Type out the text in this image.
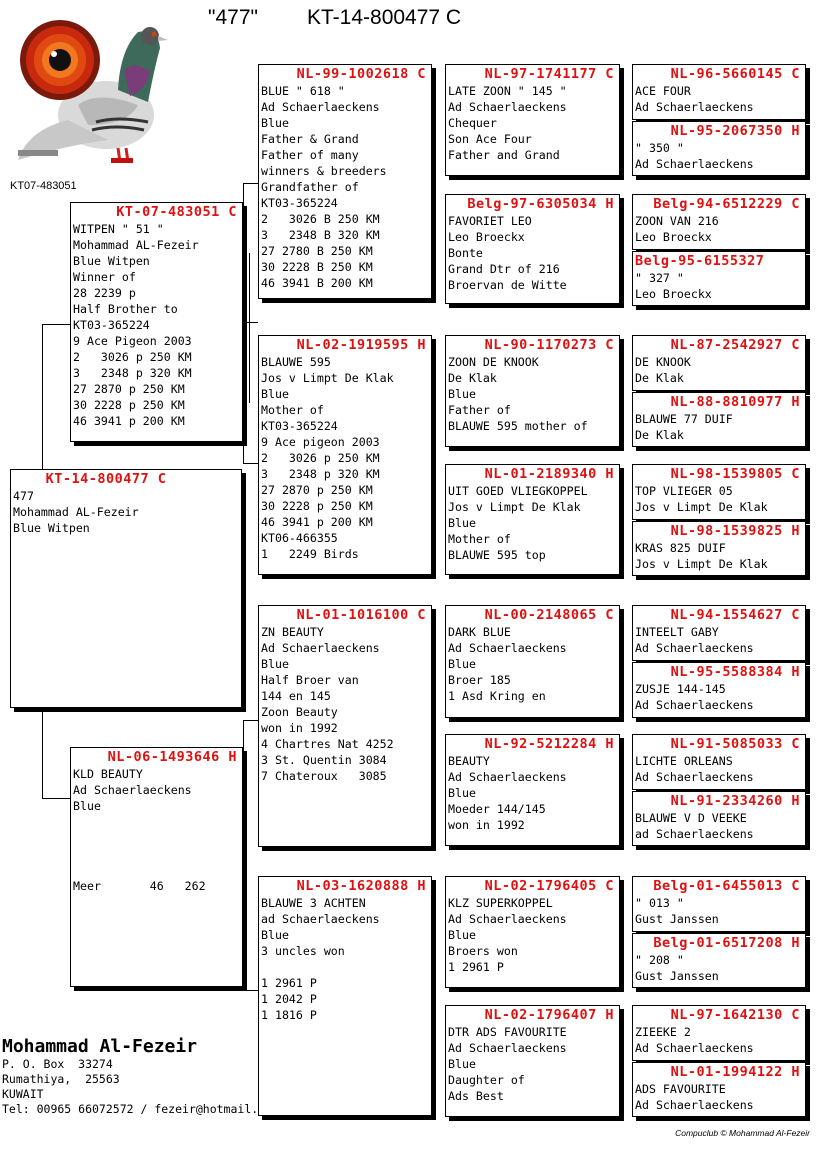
"477" KT-14-800477 C
KT07-483051
KT-14-800477 C
477
Mohammad AL-Fezeir
Blue Witpen
KT-07-483051 C
WITPEN " 51 "
Mohammad AL-Fezeir
Blue Witpen
Winner of
28 2239 p
Half Brother to
KT03-365224
9 Ace Pigeon 2003
2   3026 p 250 KM
3   2348 p 320 KM
27 2870 p 250 KM
30 2228 p 250 KM
46 3941 p 200 KM
NL-06-1493646 H
KLD BEAUTY
Ad Schaerlaeckens
Blue

Meer       46   262
NL-99-1002618 C
BLUE " 618 "
Ad Schaerlaeckens
Blue
Father & Grand
Father of many
winners & breeders
Grandfather of
KT03-365224
2   3026 B 250 KM
3   2348 B 320 KM
27 2780 B 250 KM
30 2228 B 250 KM
46 3941 B 200 KM
NL-02-1919595 H
BLAUWE 595
Jos v Limpt De Klak
Blue
Mother of
KT03-365224
9 Ace pigeon 2003
2   3026 p 250 KM
3   2348 p 320 KM
27 2870 p 250 KM
30 2228 p 250 KM
46 3941 p 200 KM
KT06-466355
1   2249 Birds
NL-01-1016100 C
ZN BEAUTY
Ad Schaerlaeckens
Blue
Half Broer van
144 en 145
Zoon Beauty
won in 1992
4 Chartres Nat 4252
3 St. Quentin 3084
7 Chateroux   3085
NL-03-1620888 H
BLAUWE 3 ACHTEN
ad Schaerlaeckens
Blue
3 uncles won

1 2961 P
1 2042 P
1 1816 P
NL-97-1741177 C
LATE ZOON " 145 "
Ad Schaerlaeckens
Chequer
Son Ace Four
Father and Grand
Belg-97-6305034 H
FAVORIET LEO
Leo Broeckx
Bonte
Grand Dtr of 216
Broervan de Witte
NL-90-1170273 C
ZOON DE KNOOK
De Klak
Blue
Father of
BLAUWE 595 mother of
NL-01-2189340 H
UIT GOED VLIEGKOPPEL
Jos v Limpt De Klak
Blue
Mother of
BLAUWE 595 top
NL-00-2148065 C
DARK BLUE
Ad Schaerlaeckens
Blue
Broer 185
1 Asd Kring en
NL-92-5212284 H
BEAUTY
Ad Schaerlaeckens
Blue
Moeder 144/145
won in 1992
NL-02-1796405 C
KLZ SUPERKOPPEL
Ad Schaerlaeckens
Blue
Broers won
1 2961 P
NL-02-1796407 H
DTR ADS FAVOURITE
Ad Schaerlaeckens
Blue
Daughter of
Ads Best
NL-96-5660145 C
ACE FOUR
Ad Schaerlaeckens
NL-95-2067350 H
" 350 "
Ad Schaerlaeckens
Belg-94-6512229 C
ZOON VAN 216
Leo Broeckx
Belg-95-6155327
" 327 "
Leo Broeckx
NL-87-2542927 C
DE KNOOK
De Klak
NL-88-8810977 H
BLAUWE 77 DUIF
De Klak
NL-98-1539805 C
TOP VLIEGER 05
Jos v Limpt De Klak
NL-98-1539825 H
KRAS 825 DUIF
Jos v Limpt De Klak
NL-94-1554627 C
INTEELT GABY
Ad Schaerlaeckens
NL-95-5588384 H
ZUSJE 144-145
Ad Schaerlaeckens
NL-91-5085033 C
LICHTE ORLEANS
Ad Schaerlaeckens
NL-91-2334260 H
BLAUWE V D VEEKE
ad Schaerlaeckens
Belg-01-6455013 C
" 013 "
Gust Janssen
Belg-01-6517208 H
" 208 "
Gust Janssen
NL-97-1642130 C
ZIEEKE 2
Ad Schaerlaeckens
NL-01-1994122 H
ADS FAVOURITE
Ad Schaerlaeckens
Mohammad Al-Fezeir
P. O. Box  33274
Rumathiya,  25563
KUWAIT
Tel: 00965 66072572 / fezeir@hotmail.
Compuclub © Mohammad Al-Fezeir
